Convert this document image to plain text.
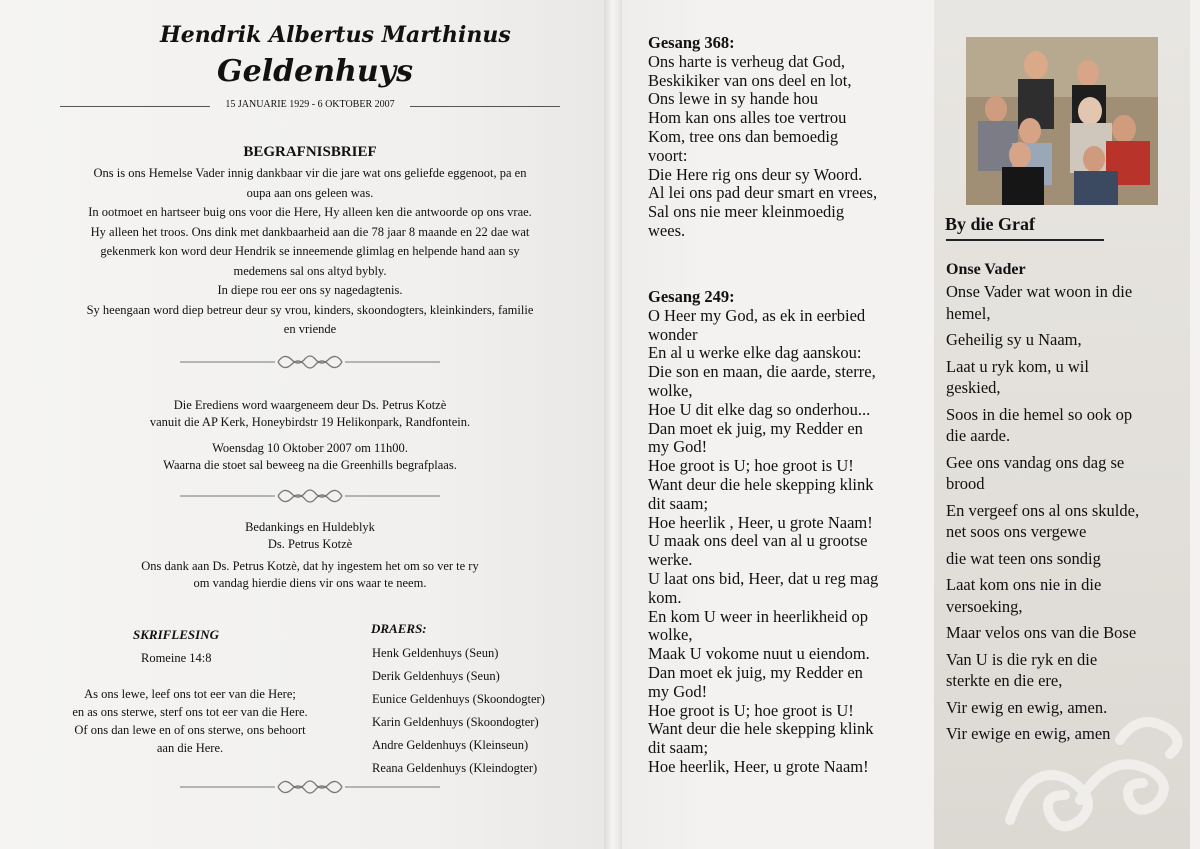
Hendrik Albertus Marthinus
Geldenhuys
15 JANUARIE 1929 - 6 OKTOBER 2007
BEGRAFNISBRIEF
Ons is ons Hemelse Vader innig dankbaar vir die jare wat ons geliefde eggenoot, pa en
oupa aan ons geleen was.
In ootmoet en hartseer buig ons voor die Here, Hy alleen ken die antwoorde op ons vrae.
Hy alleen het troos. Ons dink met dankbaarheid aan die 78 jaar 8 maande en 22 dae wat
gekenmerk kon word deur Hendrik se inneemende glimlag en helpende hand aan sy
medemens sal ons altyd bybly.
In diepe rou eer ons sy nagedagtenis.
Sy heengaan word diep betreur deur sy vrou, kinders, skoondogters, kleinkinders, familie
en vriende
Die Erediens word waargeneem deur Ds. Petrus Kotzè
vanuit die AP Kerk, Honeybirdstr 19 Helikonpark, Randfontein.
Woensdag 10 Oktober 2007 om 11h00.
Waarna die stoet sal beweeg na die Greenhills begrafplaas.
Bedankings en Huldeblyk
Ds. Petrus Kotzè
Ons dank aan Ds. Petrus Kotzè, dat hy ingestem het om so ver te ry
om vandag hierdie diens vir ons waar te neem.
SKRIFLESING
Romeine 14:8
As ons lewe, leef ons tot eer van die Here;
en as ons sterwe, sterf ons tot eer van die Here.
Of ons dan lewe en of ons sterwe, ons behoort
aan die Here.
DRAERS:
Henk Geldenhuys (Seun)
Derik Geldenhuys (Seun)
Eunice Geldenhuys (Skoondogter)
Karin Geldenhuys (Skoondogter)
Andre Geldenhuys (Kleinseun)
Reana Geldenhuys (Kleindogter)
Gesang 368:
Ons harte is verheug dat God,
Beskikiker van ons deel en lot,
Ons lewe in sy hande hou
Hom kan ons alles toe vertrou
Kom, tree ons dan bemoedig
voort:
Die Here rig ons deur sy Woord.
Al lei ons pad deur smart en vrees,
Sal ons nie meer kleinmoedig
wees.
Gesang 249:
O Heer my God, as ek in eerbied
wonder
En al u werke elke dag aanskou:
Die son en maan, die aarde, sterre,
wolke,
Hoe U dit elke dag so onderhou...
Dan moet ek juig, my Redder en
my God!
Hoe groot is U; hoe groot is U!
Want deur die hele skepping klink
dit saam;
Hoe heerlik , Heer, u grote Naam!
U maak ons deel van al u grootse
werke.
U laat ons bid, Heer, dat u reg mag
kom.
En kom U weer in heerlikheid op
wolke,
Maak U vokome nuut u eiendom.
Dan moet ek juig, my Redder en
my God!
Hoe groot is U; hoe groot is U!
Want deur die hele skepping klink
dit saam;
Hoe heerlik, Heer, u grote Naam!
By die Graf
Onse Vader
Onse Vader wat woon in die
hemel,
Geheilig sy u Naam,
Laat u ryk kom, u wil
geskied,
Soos in die hemel so ook op
die aarde.
Gee ons vandag ons dag se
brood
En vergeef ons al ons skulde,
net soos ons vergewe
die wat teen ons sondig
Laat kom ons nie in die
versoeking,
Maar velos ons van die Bose
Van U is die ryk en die
sterkte en die ere,
Vir ewig en ewig, amen.
Vir ewige en ewig, amen
